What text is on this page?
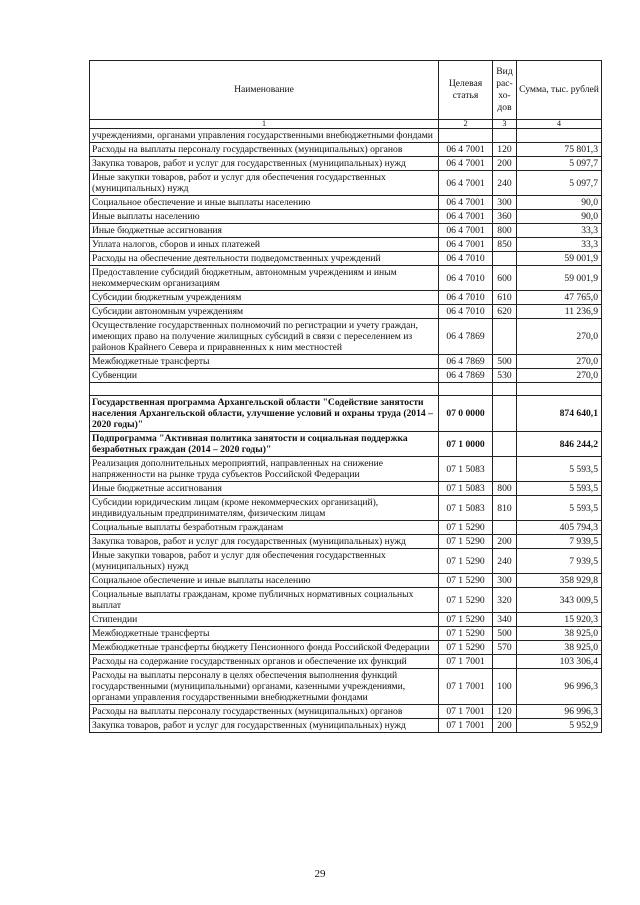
Наименование	Целевая статья	Вид рас-хо-дов	Сумма, тыс. рублей
1	2	3	4
учреждениями, органами управления государственными внебюджетными фондами			
Расходы на выплаты персоналу государственных (муниципальных) органов	06 4 7001	120	75 801,3
Закупка товаров, работ и услуг для государственных (муниципальных) нужд	06 4 7001	200	5 097,7
Иные закупки товаров, работ и услуг для обеспечения государственных (муниципальных) нужд	06 4 7001	240	5 097,7
Социальное обеспечение и иные выплаты населению	06 4 7001	300	90,0
Иные выплаты населению	06 4 7001	360	90,0
Иные бюджетные ассигнования	06 4 7001	800	33,3
Уплата налогов, сборов и иных платежей	06 4 7001	850	33,3
Расходы на обеспечение деятельности подведомственных учреждений	06 4 7010		59 001,9
Предоставление субсидий бюджетным, автономным учреждениям и иным некоммерческим организациям	06 4 7010	600	59 001,9
Субсидии бюджетным учреждениям	06 4 7010	610	47 765,0
Субсидии автономным учреждениям	06 4 7010	620	11 236,9
Осуществление государственных полномочий по регистрации и учету граждан, имеющих право на получение жилищных субсидий в связи с переселением из районов Крайнего Севера и приравненных к ним местностей	06 4 7869		270,0
Межбюджетные трансферты	06 4 7869	500	270,0
Субвенции	06 4 7869	530	270,0

Государственная программа Архангельской области "Содействие занятости населения Архангельской области, улучшение условий и охраны труда (2014 – 2020 годы)"	07 0 0000		874 640,1
Подпрограмма "Активная политика занятости и социальная поддержка безработных граждан (2014 – 2020 годы)"	07 1 0000		846 244,2
Реализация дополнительных мероприятий, направленных на снижение напряженности на рынке труда субъектов Российской Федерации	07 1 5083		5 593,5
Иные бюджетные ассигнования	07 1 5083	800	5 593,5
Субсидии юридическим лицам (кроме некоммерческих организаций), индивидуальным предпринимателям, физическим лицам	07 1 5083	810	5 593,5
Социальные выплаты безработным гражданам	07 1 5290		405 794,3
Закупка товаров, работ и услуг для государственных (муниципальных) нужд	07 1 5290	200	7 939,5
Иные закупки товаров, работ и услуг для обеспечения государственных (муниципальных) нужд	07 1 5290	240	7 939,5
Социальное обеспечение и иные выплаты населению	07 1 5290	300	358 929,8
Социальные выплаты гражданам, кроме публичных нормативных социальных выплат	07 1 5290	320	343 009,5
Стипендии	07 1 5290	340	15 920,3
Межбюджетные трансферты	07 1 5290	500	38 925,0
Межбюджетные трансферты бюджету Пенсионного фонда Российской Федерации	07 1 5290	570	38 925,0
Расходы на содержание государственных органов и обеспечение их функций	07 1 7001		103 306,4
Расходы на выплаты персоналу в целях обеспечения выполнения функций государственными (муниципальными) органами, казенными учреждениями, органами управления государственными внебюджетными фондами	07 1 7001	100	96 996,3
Расходы на выплаты персоналу государственных (муниципальных) органов	07 1 7001	120	96 996,3
Закупка товаров, работ и услуг для государственных (муниципальных) нужд	07 1 7001	200	5 952,9
29
